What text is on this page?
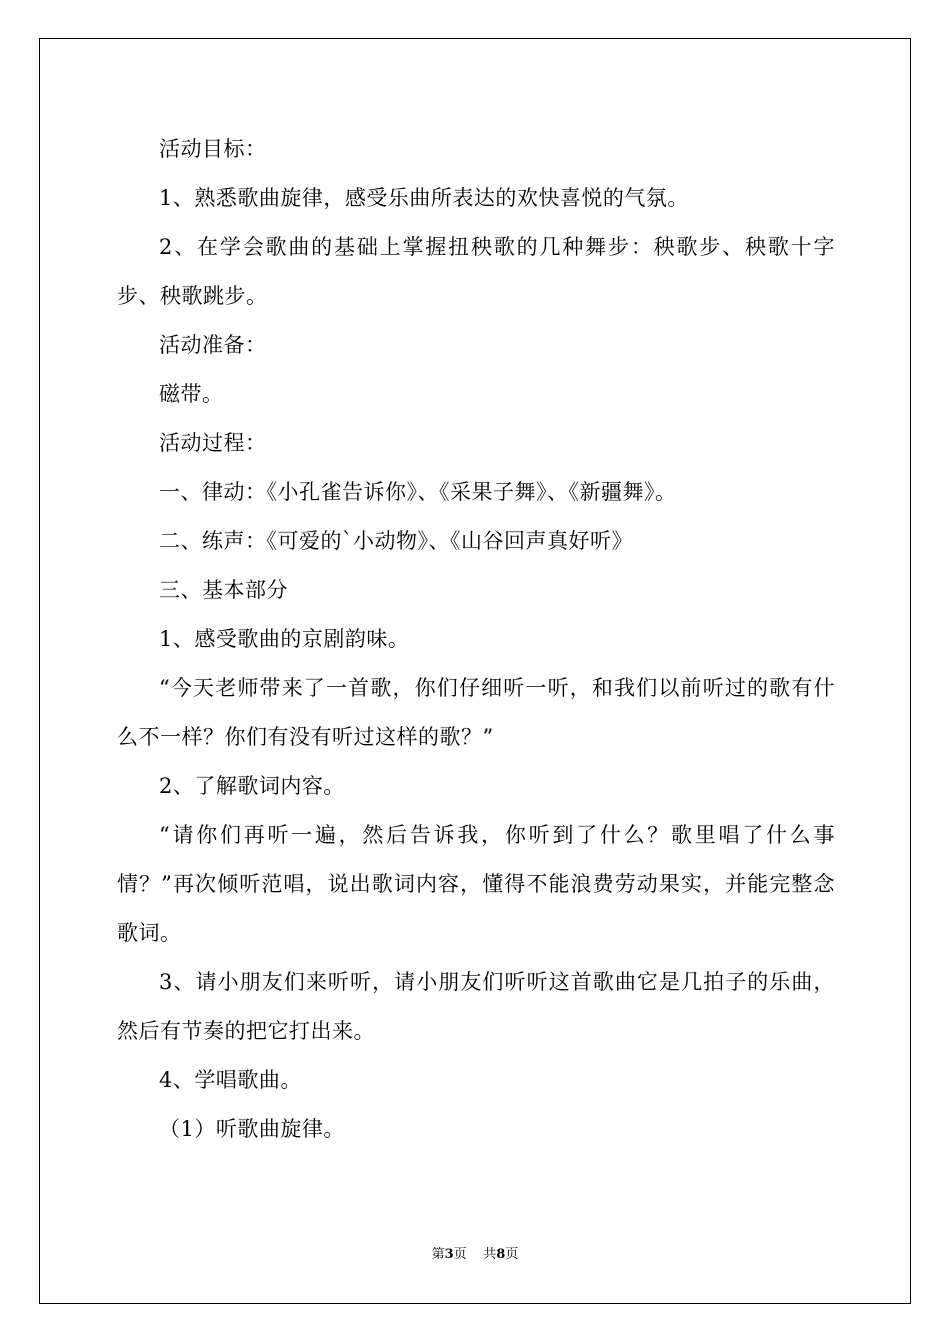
活动目标：

1、熟悉歌曲旋律，感受乐曲所表达的欢快喜悦的气氛。

2、在学会歌曲的基础上掌握扭秧歌的几种舞步：秧歌步、秧歌十字步、秧歌跳步。

活动准备：

磁带。

活动过程：

一、律动：《小孔雀告诉你》、《采果子舞》、《新疆舞》。

二、练声：《可爱的`小动物》、《山谷回声真好听》

三、基本部分

1、感受歌曲的京剧韵味。

“今天老师带来了一首歌，你们仔细听一听，和我们以前听过的歌有什么不一样？你们有没有听过这样的歌？”

2、了解歌词内容。

“请你们再听一遍，然后告诉我，你听到了什么？歌里唱了什么事情？”再次倾听范唱，说出歌词内容，懂得不能浪费劳动果实，并能完整念歌词。

3、请小朋友们来听听，请小朋友们听听这首歌曲它是几拍子的乐曲，然后有节奏的把它打出来。

4、学唱歌曲。

（1）听歌曲旋律。

第3页 共8页
